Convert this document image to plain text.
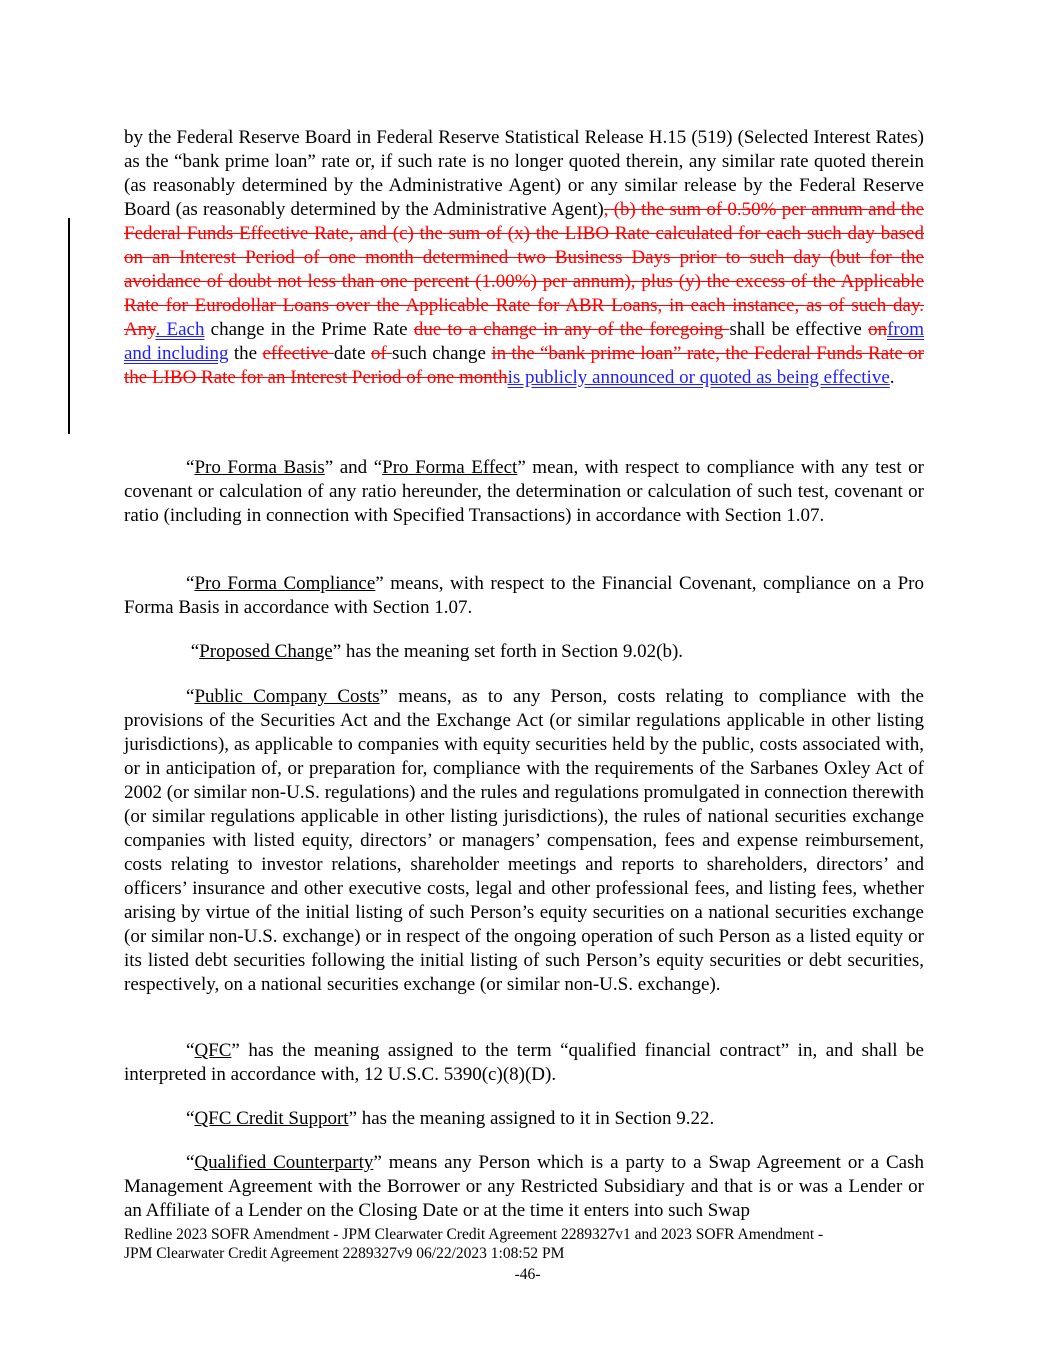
by the Federal Reserve Board in Federal Reserve Statistical Release H.15 (519) (Selected Interest Rates) as the “bank prime loan” rate or, if such rate is no longer quoted therein, any similar rate quoted therein (as reasonably determined by the Administrative Agent) or any similar release by the Federal Reserve Board (as reasonably determined by the Administrative Agent), (b) the sum of 0.50% per annum and the Federal Funds Effective Rate, and (c) the sum of (x) the LIBO Rate calculated for each such day based on an Interest Period of one month determined two Business Days prior to such day (but for the avoidance of doubt not less than one percent (1.00%) per annum), plus (y) the excess of the Applicable Rate for Eurodollar Loans over the Applicable Rate for ABR Loans, in each instance, as of such day. Any. Each change in the Prime Rate due to a change in any of the foregoing shall be effective onfrom and including the effective date of such change in the “bank prime loan” rate, the Federal Funds Rate or the LIBO Rate for an Interest Period of one monthis publicly announced or quoted as being effective.

“Pro Forma Basis” and “Pro Forma Effect” mean, with respect to compliance with any test or covenant or calculation of any ratio hereunder, the determination or calculation of such test, covenant or ratio (including in connection with Specified Transactions) in accordance with Section 1.07.

“Pro Forma Compliance” means, with respect to the Financial Covenant, compliance on a Pro Forma Basis in accordance with Section 1.07.

“Proposed Change” has the meaning set forth in Section 9.02(b).

“Public Company Costs” means, as to any Person, costs relating to compliance with the provisions of the Securities Act and the Exchange Act (or similar regulations applicable in other listing jurisdictions), as applicable to companies with equity securities held by the public, costs associated with, or in anticipation of, or preparation for, compliance with the requirements of the Sarbanes Oxley Act of 2002 (or similar non-U.S. regulations) and the rules and regulations promulgated in connection therewith (or similar regulations applicable in other listing jurisdictions), the rules of national securities exchange companies with listed equity, directors’ or managers’ compensation, fees and expense reimbursement, costs relating to investor relations, shareholder meetings and reports to shareholders, directors’ and officers’ insurance and other executive costs, legal and other professional fees, and listing fees, whether arising by virtue of the initial listing of such Person’s equity securities on a national securities exchange (or similar non-U.S. exchange) or in respect of the ongoing operation of such Person as a listed equity or its listed debt securities following the initial listing of such Person’s equity securities or debt securities, respectively, on a national securities exchange (or similar non-U.S. exchange).

“QFC” has the meaning assigned to the term “qualified financial contract” in, and shall be interpreted in accordance with, 12 U.S.C. 5390(c)(8)(D).

“QFC Credit Support” has the meaning assigned to it in Section 9.22.

“Qualified Counterparty” means any Person which is a party to a Swap Agreement or a Cash Management Agreement with the Borrower or any Restricted Subsidiary and that is or was a Lender or an Affiliate of a Lender on the Closing Date or at the time it enters into such Swap

Redline 2023 SOFR Amendment - JPM Clearwater Credit Agreement 2289327v1 and 2023 SOFR Amendment -
JPM Clearwater Credit Agreement 2289327v9 06/22/2023 1:08:52 PM

-46-
